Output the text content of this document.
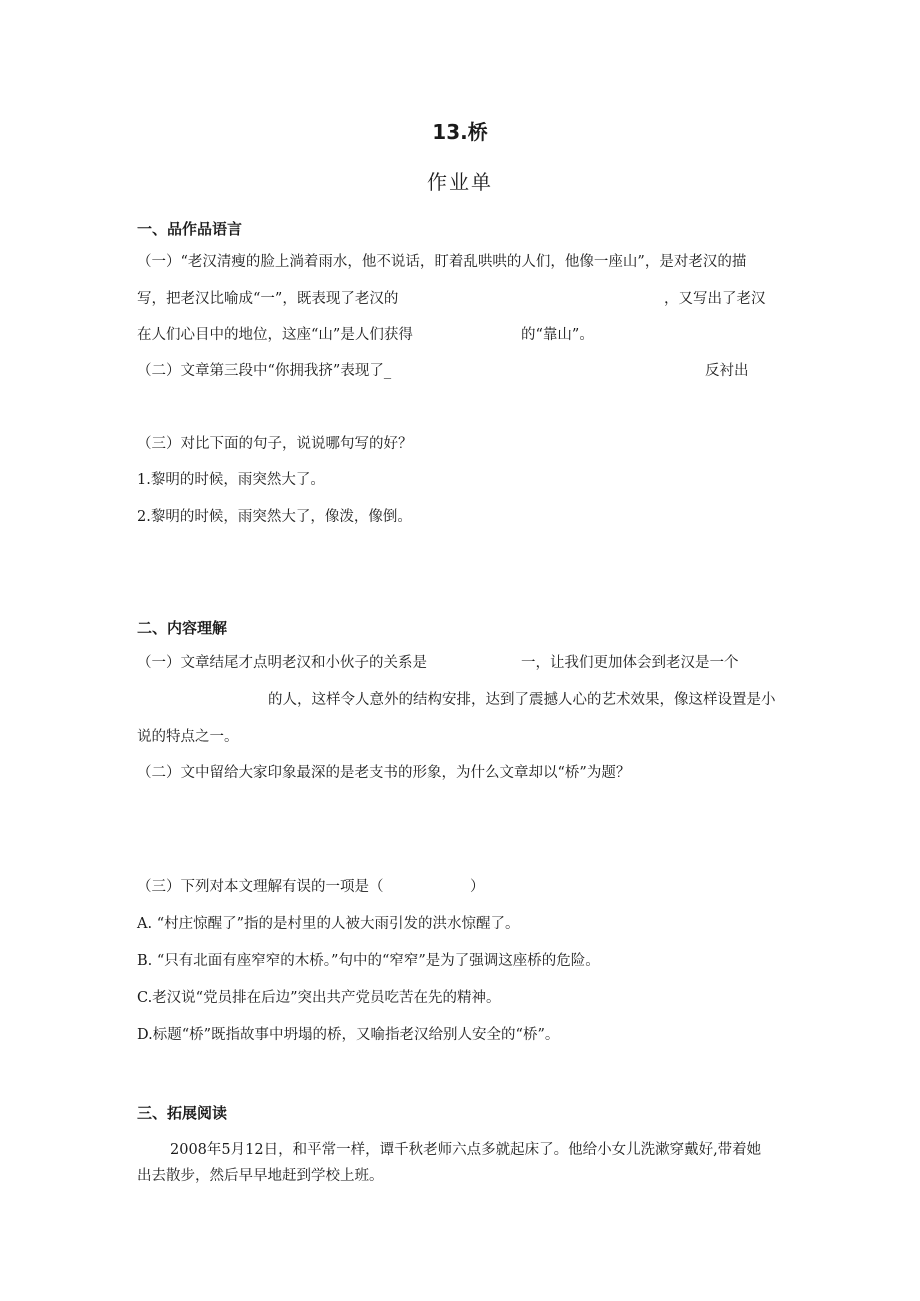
13.桥
作业单
一、品作品语言
（一）“老汉清瘦的脸上淌着雨水，他不说话，盯着乱哄哄的人们，他像一座山”，是对老汉的描
写，把老汉比喻成“一”，既表现了老汉的	，又写出了老汉
在人们心目中的地位，这座“山”是人们获得	的“靠山”。
（二）文章第三段中“你拥我挤”表现了_	反衬出
（三）对比下面的句子，说说哪句写的好？
1.黎明的时候，雨突然大了。
2.黎明的时候，雨突然大了，像泼，像倒。
二、内容理解
（一）文章结尾才点明老汉和小伙子的关系是	一，让我们更加体会到老汉是一个
的人，这样令人意外的结构安排，达到了震撼人心的艺术效果，像这样设置是小
说的特点之一。
（二）文中留给大家印象最深的是老支书的形象，为什么文章却以“桥”为题？
（三）下列对本文理解有误的一项是（	）
A. “村庄惊醒了”指的是村里的人被大雨引发的洪水惊醒了。
B. “只有北面有座窄窄的木桥。”句中的“窄窄”是为了强调这座桥的危险。
C.老汉说“党员排在后边”突出共产党员吃苦在先的精神。
D.标题“桥”既指故事中坍塌的桥，又喻指老汉给别人安全的“桥”。
三、拓展阅读
2008年5月12日，和平常一样，谭千秋老师六点多就起床了。他给小女儿洗漱穿戴好,带着她
出去散步，然后早早地赶到学校上班。
